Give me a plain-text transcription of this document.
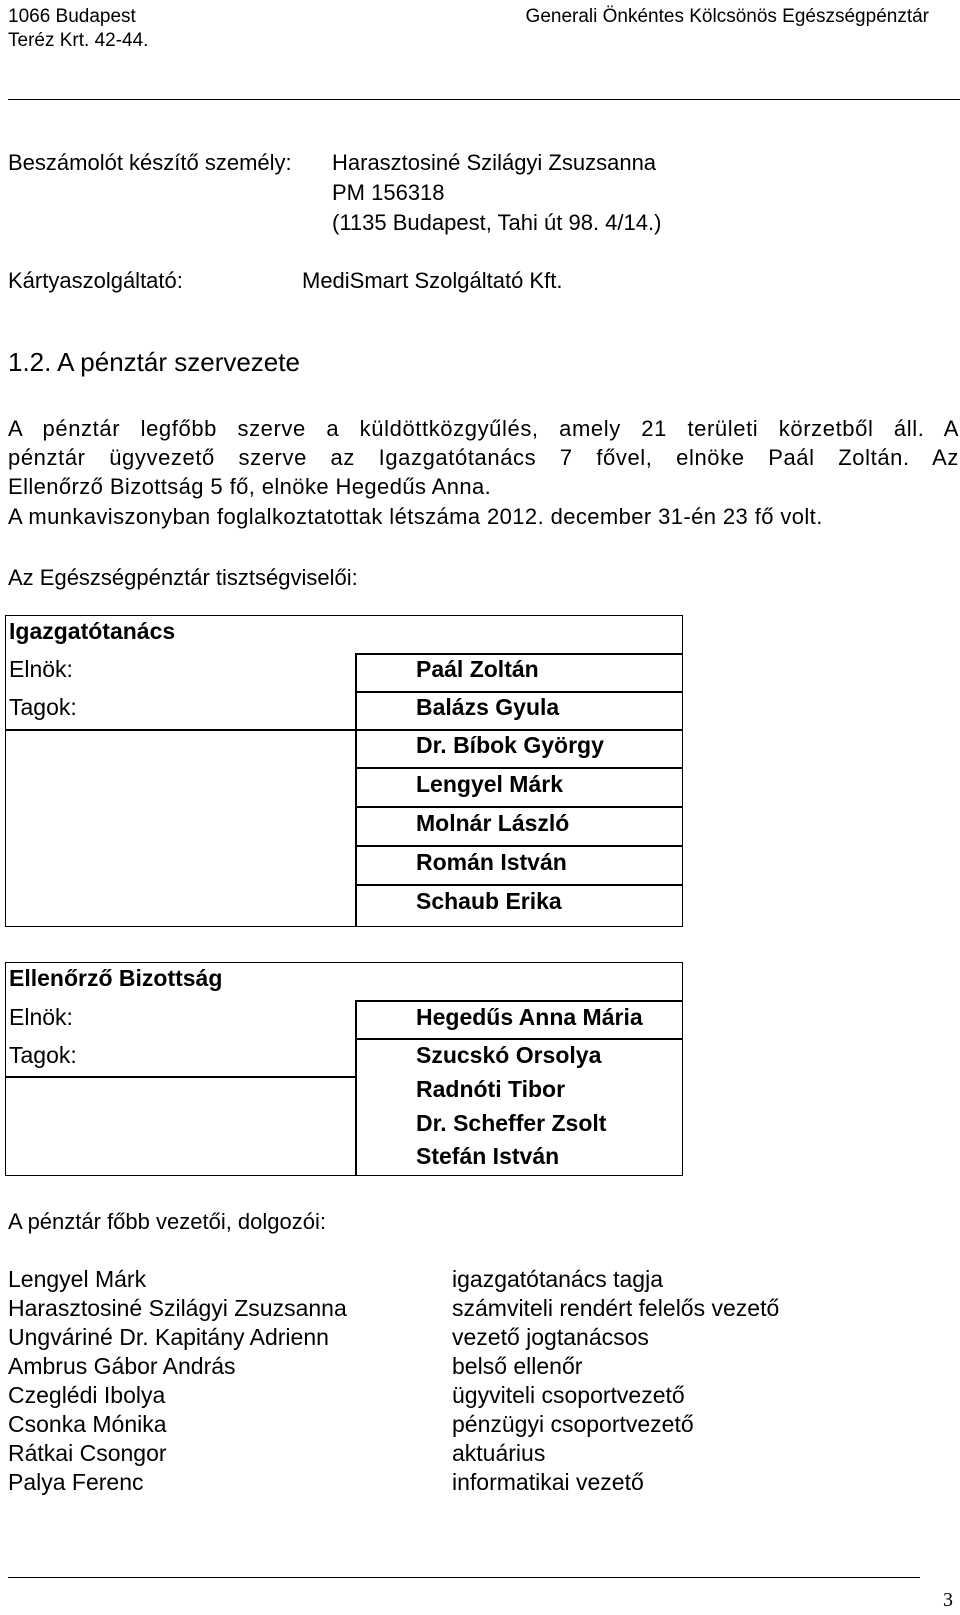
1066 Budapest
Teréz Krt. 42-44.
Generali Önkéntes Kölcsönös Egészségpénztár
Beszámolót készítő személy: Harasztosiné Szilágyi Zsuzsanna
PM 156318
(1135 Budapest, Tahi út 98. 4/14.)
Kártyaszolgáltató:	MediSmart Szolgáltató Kft.
1.2. A pénztár szervezete
A pénztár legfőbb szerve a küldöttközgyűlés, amely 21 területi körzetből áll. A
pénztár ügyvezető szerve az Igazgatótanács 7 fővel, elnöke Paál Zoltán. Az
Ellenőrző Bizottság 5 fő, elnöke Hegedűs Anna.
A munkaviszonyban foglalkoztatottak létszáma 2012. december 31-én 23 fő volt.
Az Egészségpénztár tisztségviselői:
Igazgatótanács
Elnök:
Tagok:
Paál Zoltán
Balázs Gyula
Dr. Bíbok György
Lengyel Márk
Molnár László
Román István
Schaub Erika
Ellenőrző Bizottság
Elnök:
Tagok:
Hegedűs Anna Mária
Szucskó Orsolya
Radnóti Tibor
Dr. Scheffer Zsolt
Stefán István
A pénztár főbb vezetői, dolgozói:
Lengyel Márk
Harasztosiné Szilágyi Zsuzsanna
Ungváriné Dr. Kapitány Adrienn
Ambrus Gábor András
Czeglédi Ibolya
Csonka Mónika
Rátkai Csongor
Palya Ferenc
igazgatótanács tagja
számviteli rendért felelős vezető
vezető jogtanácsos
belső ellenőr
ügyviteli csoportvezető
pénzügyi csoportvezető
aktuárius
informatikai vezető
3
